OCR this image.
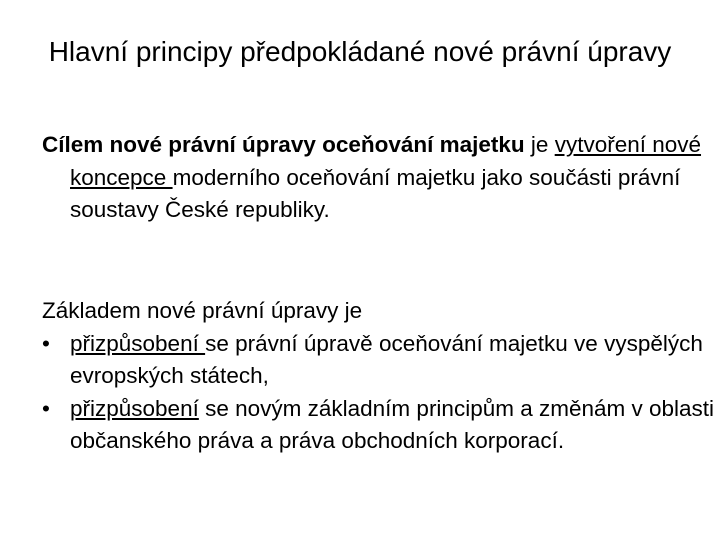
Hlavní principy předpokládané nové právní úpravy

Cílem nové právní úpravy oceňování majetku je vytvoření nové koncepce moderního oceňování majetku jako součásti právní soustavy České republiky.

Základem nové právní úpravy je
• přizpůsobení se právní úpravě oceňování majetku ve vyspělých evropských státech,
• přizpůsobení se novým základním principům a změnám v oblasti občanského práva a práva obchodních korporací.
